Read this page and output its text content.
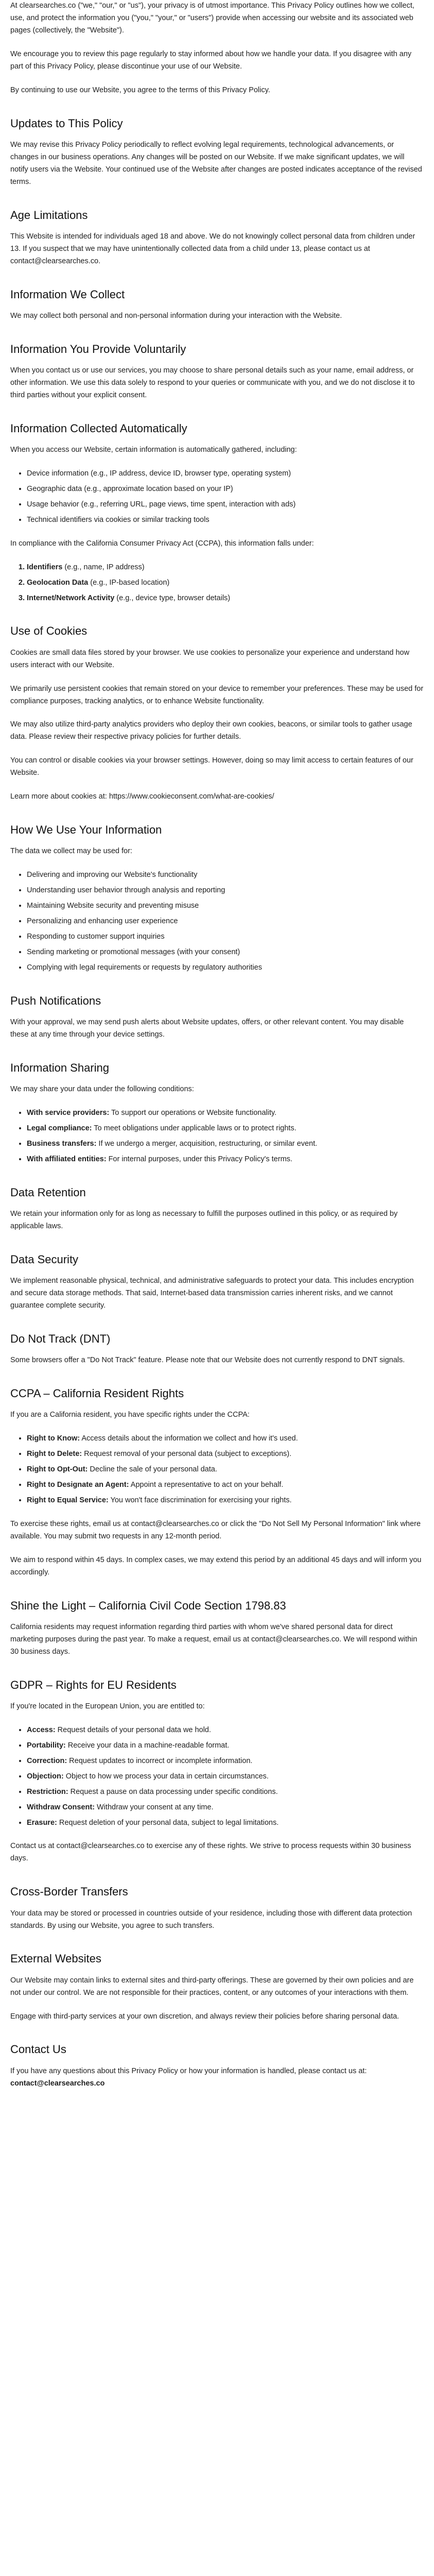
At clearsearches.co ("we," "our," or "us"), your privacy is of utmost importance. This Privacy Policy outlines how we collect, use, and protect the information you ("you," "your," or "users") provide when accessing our website and its associated web pages (collectively, the "Website").

We encourage you to review this page regularly to stay informed about how we handle your data. If you disagree with any part of this Privacy Policy, please discontinue your use of our Website.

By continuing to use our Website, you agree to the terms of this Privacy Policy.

Updates to This Policy

We may revise this Privacy Policy periodically to reflect evolving legal requirements, technological advancements, or changes in our business operations. Any changes will be posted on our Website. If we make significant updates, we will notify users via the Website. Your continued use of the Website after changes are posted indicates acceptance of the revised terms.

Age Limitations

This Website is intended for individuals aged 18 and above. We do not knowingly collect personal data from children under 13. If you suspect that we may have unintentionally collected data from a child under 13, please contact us at contact@clearsearches.co.

Information We Collect

We may collect both personal and non-personal information during your interaction with the Website.

Information You Provide Voluntarily

When you contact us or use our services, you may choose to share personal details such as your name, email address, or other information. We use this data solely to respond to your queries or communicate with you, and we do not disclose it to third parties without your explicit consent.

Information Collected Automatically

When you access our Website, certain information is automatically gathered, including:

• Device information (e.g., IP address, device ID, browser type, operating system)
• Geographic data (e.g., approximate location based on your IP)
• Usage behavior (e.g., referring URL, page views, time spent, interaction with ads)
• Technical identifiers via cookies or similar tracking tools

In compliance with the California Consumer Privacy Act (CCPA), this information falls under:

1. Identifiers (e.g., name, IP address)
2. Geolocation Data (e.g., IP-based location)
3. Internet/Network Activity (e.g., device type, browser details)
Use of Cookies

Cookies are small data files stored by your browser. We use cookies to personalize your experience and understand how users interact with our Website.

We primarily use persistent cookies that remain stored on your device to remember your preferences. These may be used for compliance purposes, tracking analytics, or to enhance Website functionality.

We may also utilize third-party analytics providers who deploy their own cookies, beacons, or similar tools to gather usage data. Please review their respective privacy policies for further details.

You can control or disable cookies via your browser settings. However, doing so may limit access to certain features of our Website.

Learn more about cookies at: https://www.cookieconsent.com/what-are-cookies/

How We Use Your Information

The data we collect may be used for:

• Delivering and improving our Website's functionality
• Understanding user behavior through analysis and reporting
• Maintaining Website security and preventing misuse
• Personalizing and enhancing user experience
• Responding to customer support inquiries
• Sending marketing or promotional messages (with your consent)
• Complying with legal requirements or requests by regulatory authorities
Push Notifications

With your approval, we may send push alerts about Website updates, offers, or other relevant content. You may disable these at any time through your device settings.

Information Sharing

We may share your data under the following conditions:

• With service providers: To support our operations or Website functionality.
• Legal compliance: To meet obligations under applicable laws or to protect rights.
• Business transfers: If we undergo a merger, acquisition, restructuring, or similar event.
• With affiliated entities: For internal purposes, under this Privacy Policy's terms.
Data Retention

We retain your information only for as long as necessary to fulfill the purposes outlined in this policy, or as required by applicable laws.

Data Security

We implement reasonable physical, technical, and administrative safeguards to protect your data. This includes encryption and secure data storage methods. That said, Internet-based data transmission carries inherent risks, and we cannot guarantee complete security.

Do Not Track (DNT)

Some browsers offer a "Do Not Track" feature. Please note that our Website does not currently respond to DNT signals.

CCPA – California Resident Rights

If you are a California resident, you have specific rights under the CCPA:

• Right to Know: Access details about the information we collect and how it's used.
• Right to Delete: Request removal of your personal data (subject to exceptions).
• Right to Opt-Out: Decline the sale of your personal data.
• Right to Designate an Agent: Appoint a representative to act on your behalf.
• Right to Equal Service: You won't face discrimination for exercising your rights.

To exercise these rights, email us at contact@clearsearches.co or click the "Do Not Sell My Personal Information" link where available. You may submit two requests in any 12-month period.

We aim to respond within 45 days. In complex cases, we may extend this period by an additional 45 days and will inform you accordingly.

Shine the Light – California Civil Code Section 1798.83

California residents may request information regarding third parties with whom we've shared personal data for direct marketing purposes during the past year. To make a request, email us at contact@clearsearches.co. We will respond within 30 business days.

GDPR – Rights for EU Residents

If you're located in the European Union, you are entitled to:

• Access: Request details of your personal data we hold.
• Portability: Receive your data in a machine-readable format.
• Correction: Request updates to incorrect or incomplete information.
• Objection: Object to how we process your data in certain circumstances.
• Restriction: Request a pause on data processing under specific conditions.
• Withdraw Consent: Withdraw your consent at any time.
• Erasure: Request deletion of your personal data, subject to legal limitations.

Contact us at contact@clearsearches.co to exercise any of these rights. We strive to process requests within 30 business days.

Cross-Border Transfers

Your data may be stored or processed in countries outside of your residence, including those with different data protection standards. By using our Website, you agree to such transfers.

External Websites

Our Website may contain links to external sites and third-party offerings. These are governed by their own policies and are not under our control. We are not responsible for their practices, content, or any outcomes of your interactions with them.

Engage with third-party services at your own discretion, and always review their policies before sharing personal data.

Contact Us

If you have any questions about this Privacy Policy or how your information is handled, please contact us at: contact@clearsearches.co
